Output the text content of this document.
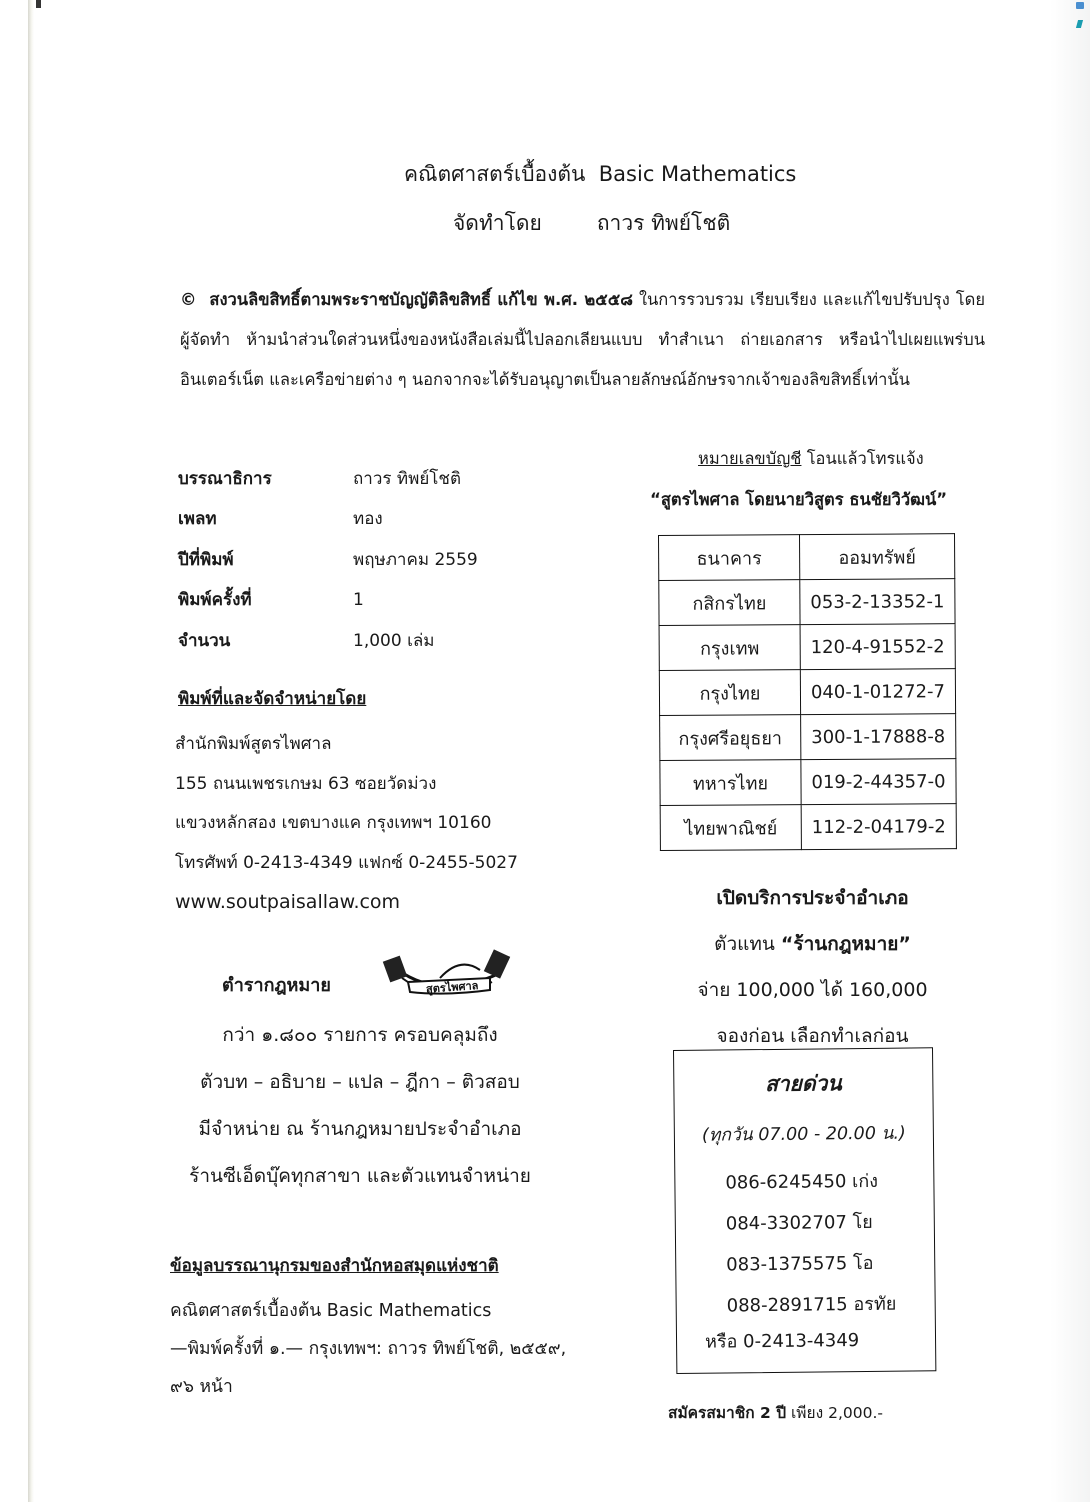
คณิตศาสตร์เบื้องต้น Basic Mathematics
จัดทำโดย	ถาวร ทิพย์โชติ
© สงวนลิขสิทธิ์ตามพระราชบัญญัติลิขสิทธิ์ แก้ไข พ.ศ. ๒๕๕๘ ในการรวบรวม เรียบเรียง และแก้ไขปรับปรุง โดยผู้จัดทำ ห้ามนำส่วนใดส่วนหนึ่งของหนังสือเล่มนี้ไปลอกเลียนแบบ ทำสำเนา ถ่ายเอกสาร หรือนำไปเผยแพร่บนอินเตอร์เน็ต และเครือข่ายต่าง ๆ นอกจากจะได้รับอนุญาตเป็นลายลักษณ์อักษรจากเจ้าของลิขสิทธิ์เท่านั้น
บรรณาธิการ	ถาวร ทิพย์โชติ
เพลท	ทอง
ปีที่พิมพ์	พฤษภาคม 2559
พิมพ์ครั้งที่	1
จำนวน	1,000 เล่ม
พิมพ์ที่และจัดจำหน่ายโดย
สำนักพิมพ์สูตรไพศาล
155 ถนนเพชรเกษม 63 ซอยวัดม่วง
แขวงหลักสอง เขตบางแค กรุงเทพฯ 10160
โทรศัพท์ 0-2413-4349 แฟกซ์ 0-2455-5027
www.soutpaisallaw.com
ตำรากฎหมาย	สูตรไพศาล
กว่า ๑.๘๐๐ รายการ ครอบคลุมถึง
ตัวบท – อธิบาย – แปล – ฎีกา – ติวสอบ
มีจำหน่าย ณ ร้านกฎหมายประจำอำเภอ
ร้านซีเอ็ดบุ๊คทุกสาขา และตัวแทนจำหน่าย
ข้อมูลบรรณานุกรมของสำนักหอสมุดแห่งชาติ
คณิตศาสตร์เบื้องต้น Basic Mathematics
—พิมพ์ครั้งที่ ๑.— กรุงเทพฯ: ถาวร ทิพย์โชติ, ๒๕๕๙,
๙๖ หน้า
หมายเลขบัญชี โอนแล้วโทรแจ้ง
“สูตรไพศาล โดยนายวิสูตร ธนชัยวิวัฒน์”
ธนาคาร	ออมทรัพย์
กสิกรไทย	053-2-13352-1
กรุงเทพ	120-4-91552-2
กรุงไทย	040-1-01272-7
กรุงศรีอยุธยา	300-1-17888-8
ทหารไทย	019-2-44357-0
ไทยพาณิชย์	112-2-04179-2
เปิดบริการประจำอำเภอ
ตัวแทน “ร้านกฎหมาย”
จ่าย 100,000 ได้ 160,000
จองก่อน เลือกทำเลก่อน
สายด่วน
(ทุกวัน 07.00 - 20.00 น.)
086-6245450 เก่ง
084-3302707 โย
083-1375575 โอ
088-2891715 อรทัย
หรือ 0-2413-4349
สมัครสมาชิก 2 ปี เพียง 2,000.-
